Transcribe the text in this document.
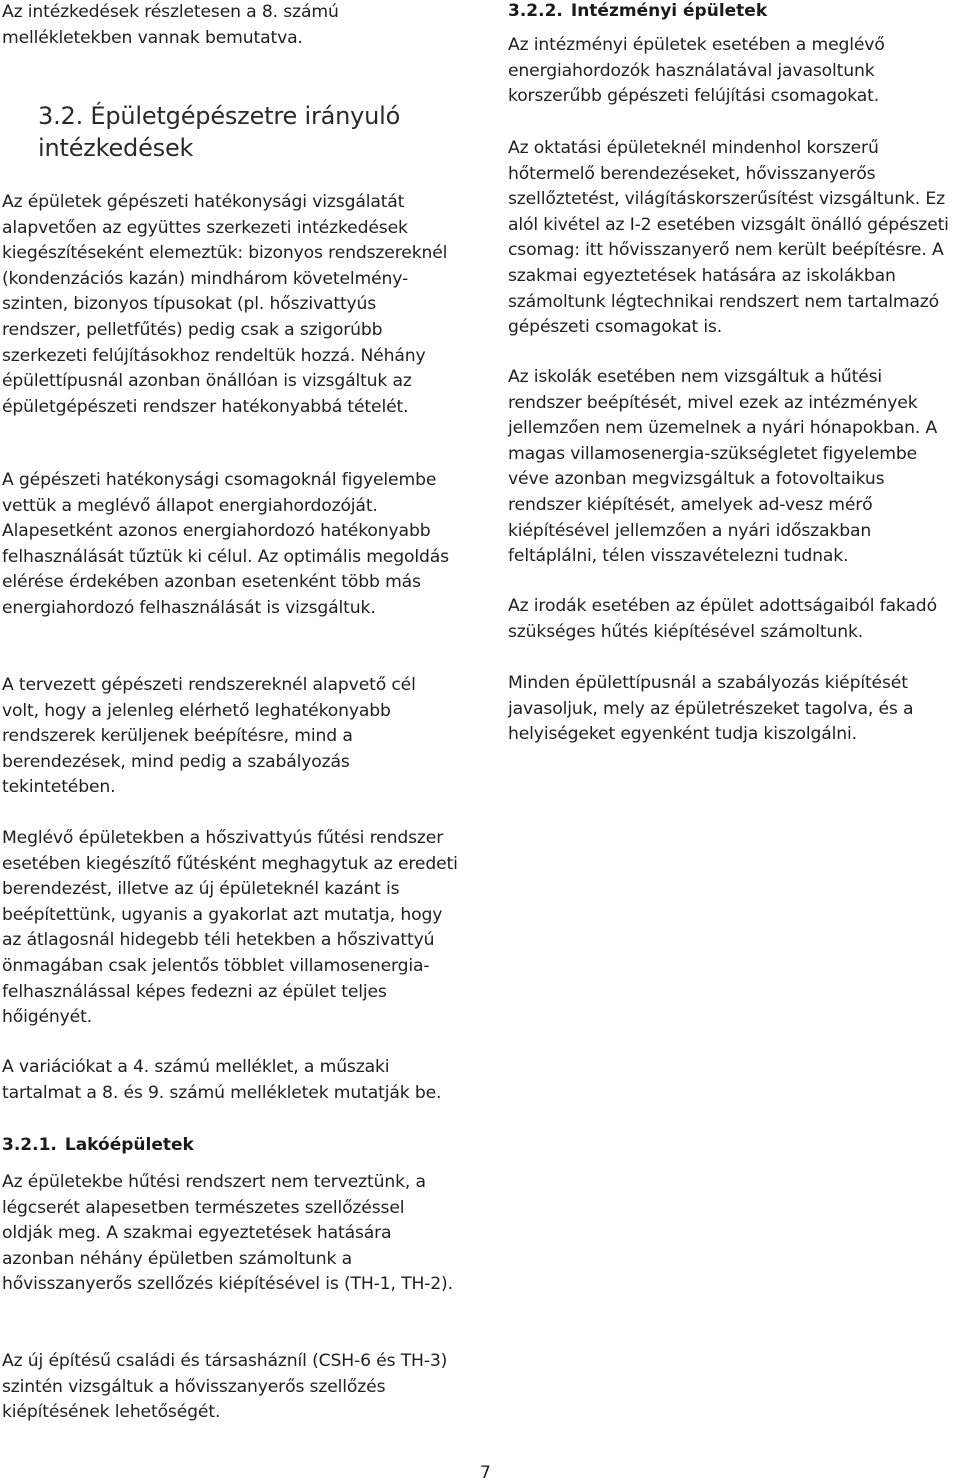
Az intézkedések részletesen a 8. számú mellékletekben vannak bemutatva.

3.2. Épületgépészetre irányuló intézkedések

Az épületek gépészeti hatékonysági vizsgálatát alapvetően az együttes szerkezeti intézkedések kiegészítéseként elemeztük: bizonyos rendszereknél (kondenzációs kazán) mindhárom követelmény-szinten, bizonyos típusokat (pl. hőszivattyús rendszer, pelletfűtés) pedig csak a szigorúbb szerkezeti felújításokhoz rendeltük hozzá. Néhány épülettípusnál azonban önállóan is vizsgáltuk az épületgépészeti rendszer hatékonyabbá tételét.

A gépészeti hatékonysági csomagoknál figyelembe vettük a meglévő állapot energiahordozóját. Alapesetként azonos energiahordozó hatékonyabb felhasználását tűztük ki célul. Az optimális megoldás elérése érdekében azonban esetenként több más energiahordozó felhasználását is vizsgáltuk.

A tervezett gépészeti rendszereknél alapvető cél volt, hogy a jelenleg elérhető leghatékonyabb rendszerek kerüljenek beépítésre, mind a berendezések, mind pedig a szabályozás tekintetében.

Meglévő épületekben a hőszivattyús fűtési rendszer esetében kiegészítő fűtésként meghagytuk az eredeti berendezést, illetve az új épületeknél kazánt is beépítettünk, ugyanis a gyakorlat azt mutatja, hogy az átlagosnál hidegebb téli hetekben a hőszivattyú önmagában csak jelentős többlet villamosenergia-felhasználással képes fedezni az épület teljes hőigényét.

A variációkat a 4. számú melléklet, a műszaki tartalmat a 8. és 9. számú mellékletek mutatják be.

3.2.1. Lakóépületek

Az épületekbe hűtési rendszert nem terveztünk, a légcserét alapesetben természetes szellőzéssel oldják meg. A szakmai egyeztetések hatására azonban néhány épületben számoltunk a hővisszanyerős szellőzés kiépítésével is (TH-1, TH-2).

Az új építésű családi és társasházníl (CSH-6 és TH-3) szintén vizsgáltuk a hővisszanyerős szellőzés kiépítésének lehetőségét.

3.2.2. Intézményi épületek

Az intézményi épületek esetében a meglévő energiahordozók használatával javasoltunk korszerűbb gépészeti felújítási csomagokat.

Az oktatási épületeknél mindenhol korszerű hőtermelő berendezéseket, hővisszanyerős szellőztetést, világításkorszerűsítést vizsgáltunk. Ez alól kivétel az I-2 esetében vizsgált önálló gépészeti csomag: itt hővisszanyerő nem került beépítésre. A szakmai egyeztetések hatására az iskolákban számoltunk légtechnikai rendszert nem tartalmazó gépészeti csomagokat is.

Az iskolák esetében nem vizsgáltuk a hűtési rendszer beépítését, mivel ezek az intézmények jellemzően nem üzemelnek a nyári hónapokban. A magas villamosenergia-szükségletet figyelembe véve azonban megvizsgáltuk a fotovoltaikus rendszer kiépítését, amelyek ad-vesz mérő kiépítésével jellemzően a nyári időszakban feltáplálni, télen visszavételezni tudnak.

Az irodák esetében az épület adottságaiból fakadó szükséges hűtés kiépítésével számoltunk.

Minden épülettípusnál a szabályozás kiépítését javasoljuk, mely az épületrészeket tagolva, és a helyiségeket egyenként tudja kiszolgálni.

7
